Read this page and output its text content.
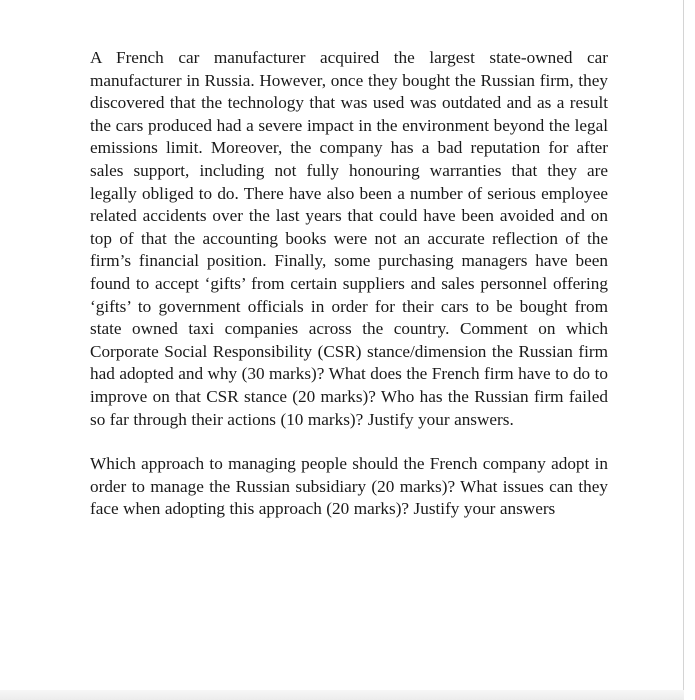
A French car manufacturer acquired the largest state-owned car manufacturer in Russia. However, once they bought the Russian firm, they discovered that the technology that was used was outdated and as a result the cars produced had a severe impact in the environment beyond the legal emissions limit. Moreover, the company has a bad reputation for after sales support, including not fully honouring warranties that they are legally obliged to do. There have also been a number of serious employee related accidents over the last years that could have been avoided and on top of that the accounting books were not an accurate reflection of the firm’s financial position. Finally, some purchasing managers have been found to accept ‘gifts’ from certain suppliers and sales personnel offering ‘gifts’ to government officials in order for their cars to be bought from state owned taxi companies across the country. Comment on which Corporate Social Responsibility (CSR) stance/dimension the Russian firm had adopted and why (30 marks)? What does the French firm have to do to improve on that CSR stance (20 marks)? Who has the Russian firm failed so far through their actions (10 marks)? Justify your answers.

Which approach to managing people should the French company adopt in order to manage the Russian subsidiary (20 marks)? What issues can they face when adopting this approach (20 marks)? Justify your answers
